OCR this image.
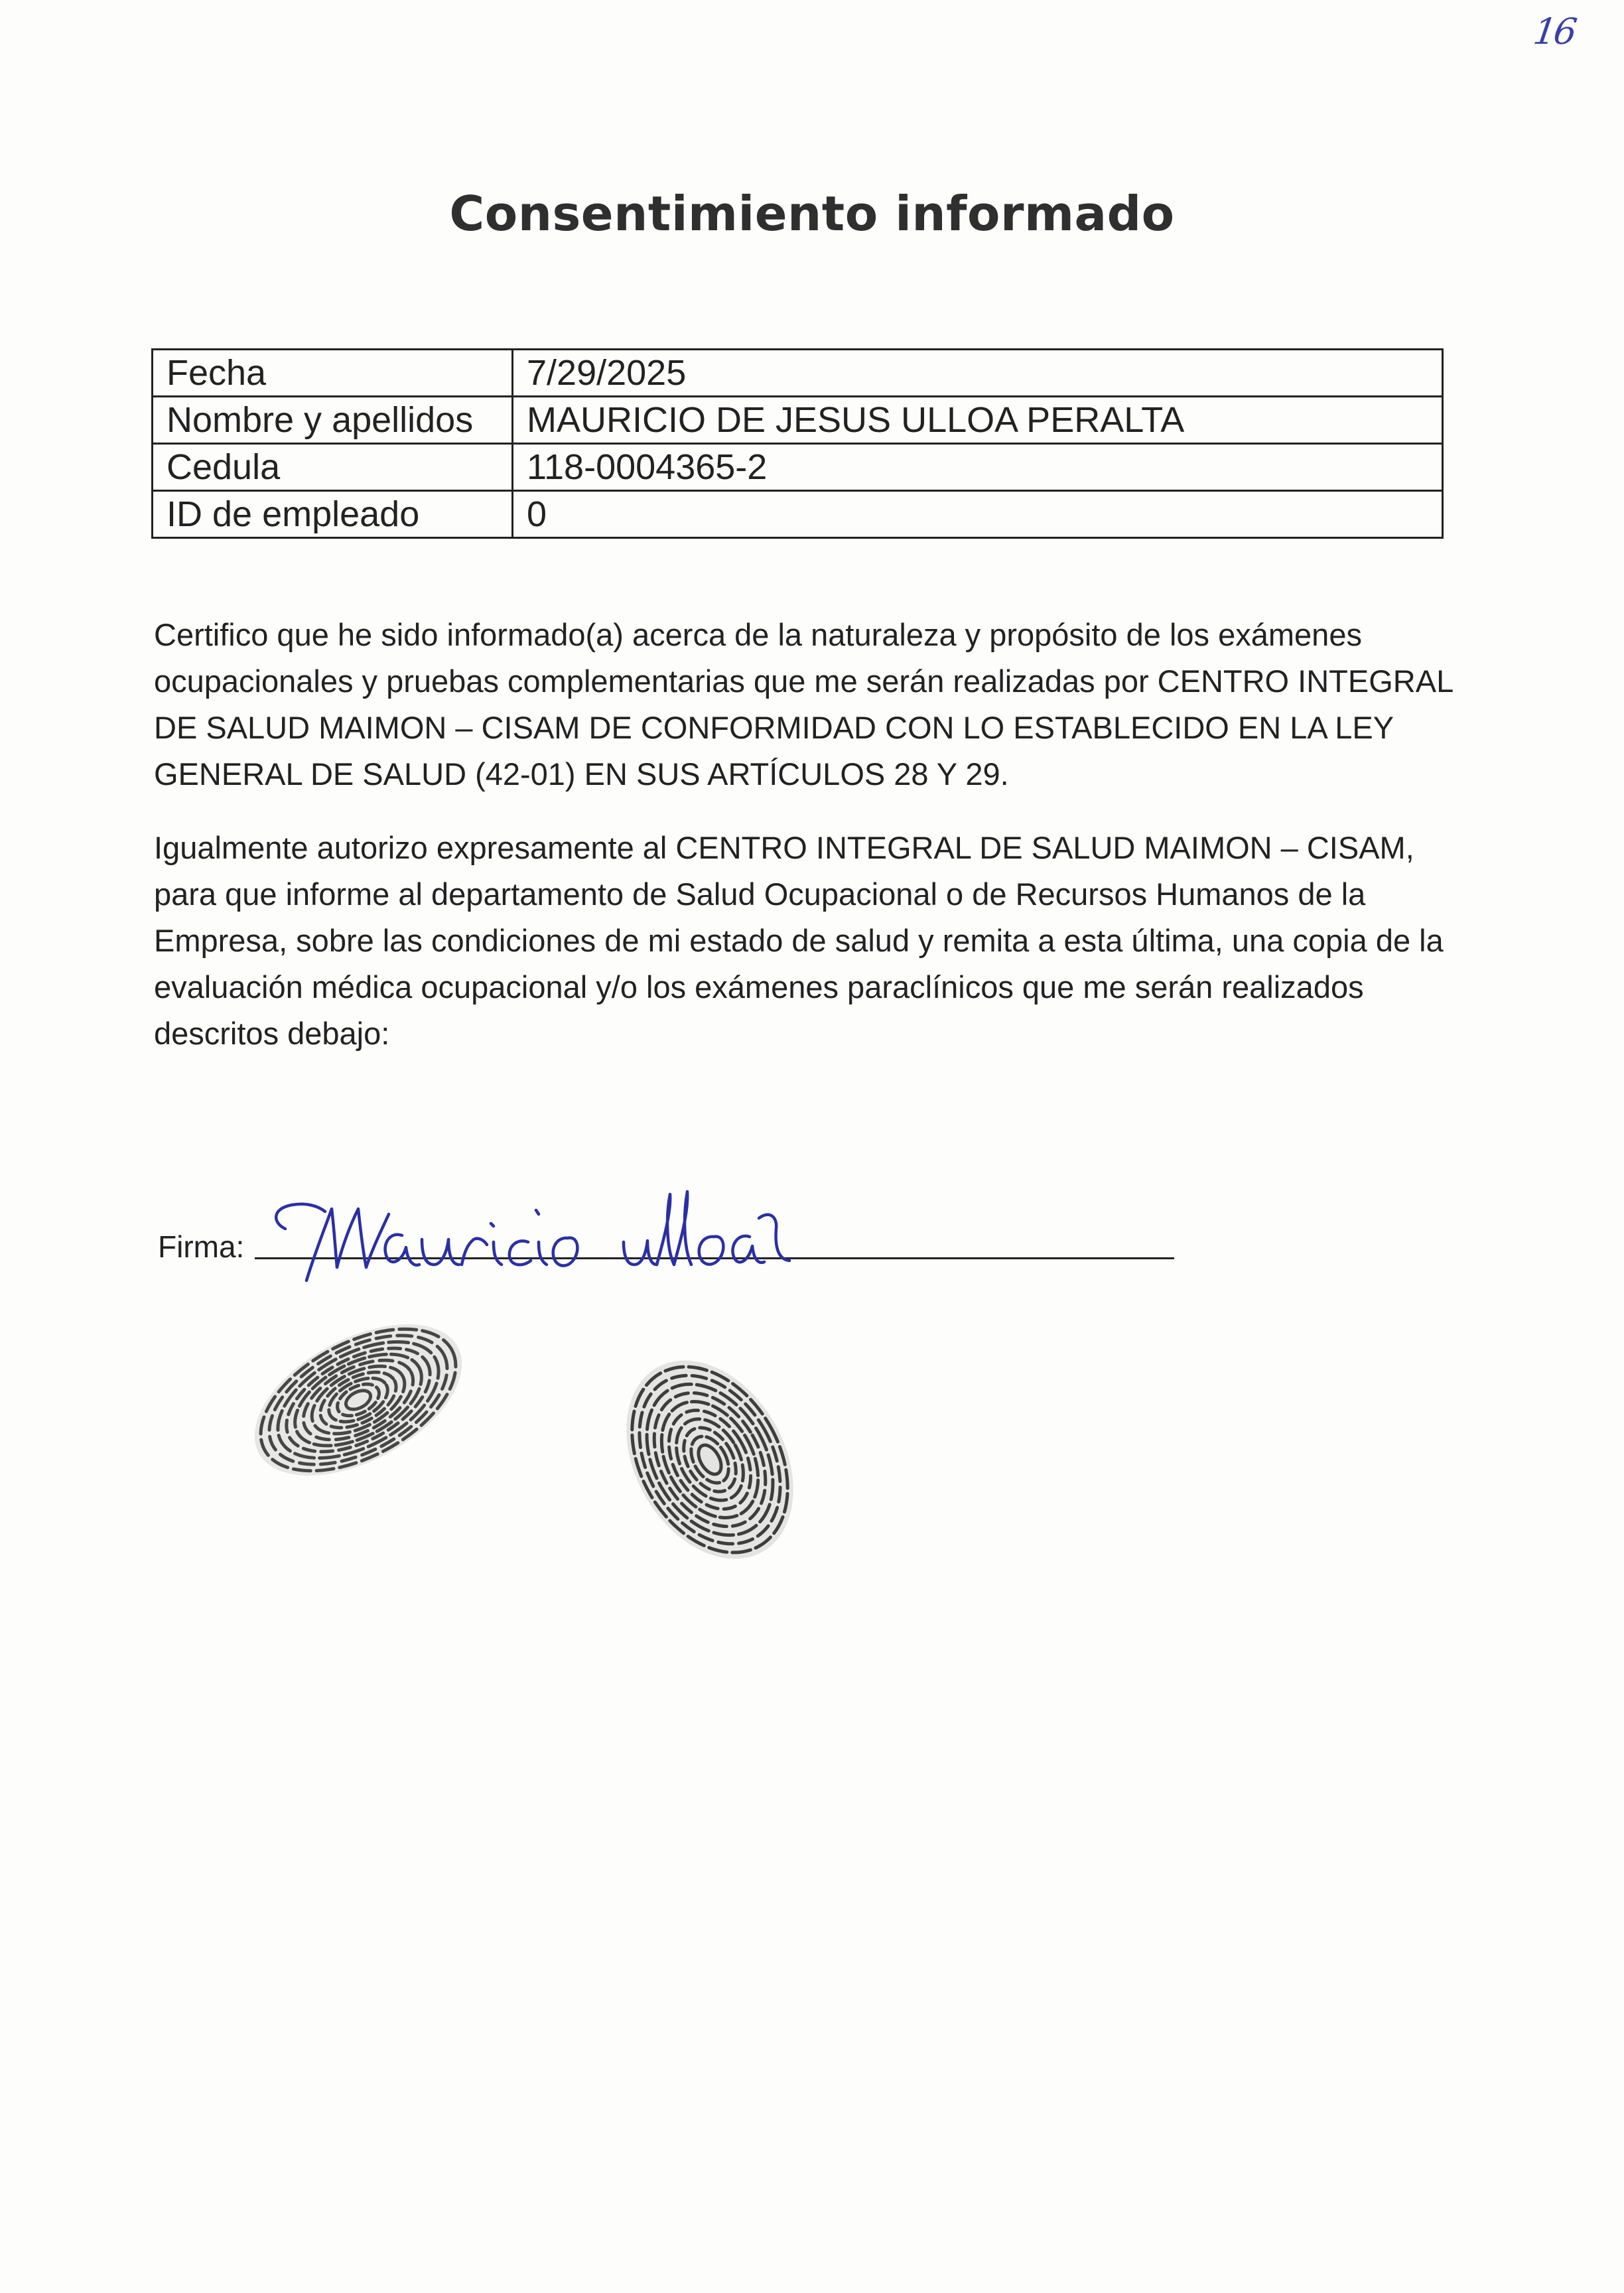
16
Consentimiento informado
Fecha	7/29/2025
Nombre y apellidos	MAURICIO DE JESUS ULLOA PERALTA
Cedula	118-0004365-2
ID de empleado	0

Certifico que he sido informado(a) acerca de la naturaleza y propósito de los exámenes ocupacionales y pruebas complementarias que me serán realizadas por CENTRO INTEGRAL DE SALUD MAIMON – CISAM DE CONFORMIDAD CON LO ESTABLECIDO EN LA LEY GENERAL DE SALUD (42-01) EN SUS ARTÍCULOS 28 Y 29.

Igualmente autorizo expresamente al CENTRO INTEGRAL DE SALUD MAIMON – CISAM, para que informe al departamento de Salud Ocupacional o de Recursos Humanos de la Empresa, sobre las condiciones de mi estado de salud y remita a esta última, una copia de la evaluación médica ocupacional y/o los exámenes paraclínicos que me serán realizados descritos debajo:

Firma:
